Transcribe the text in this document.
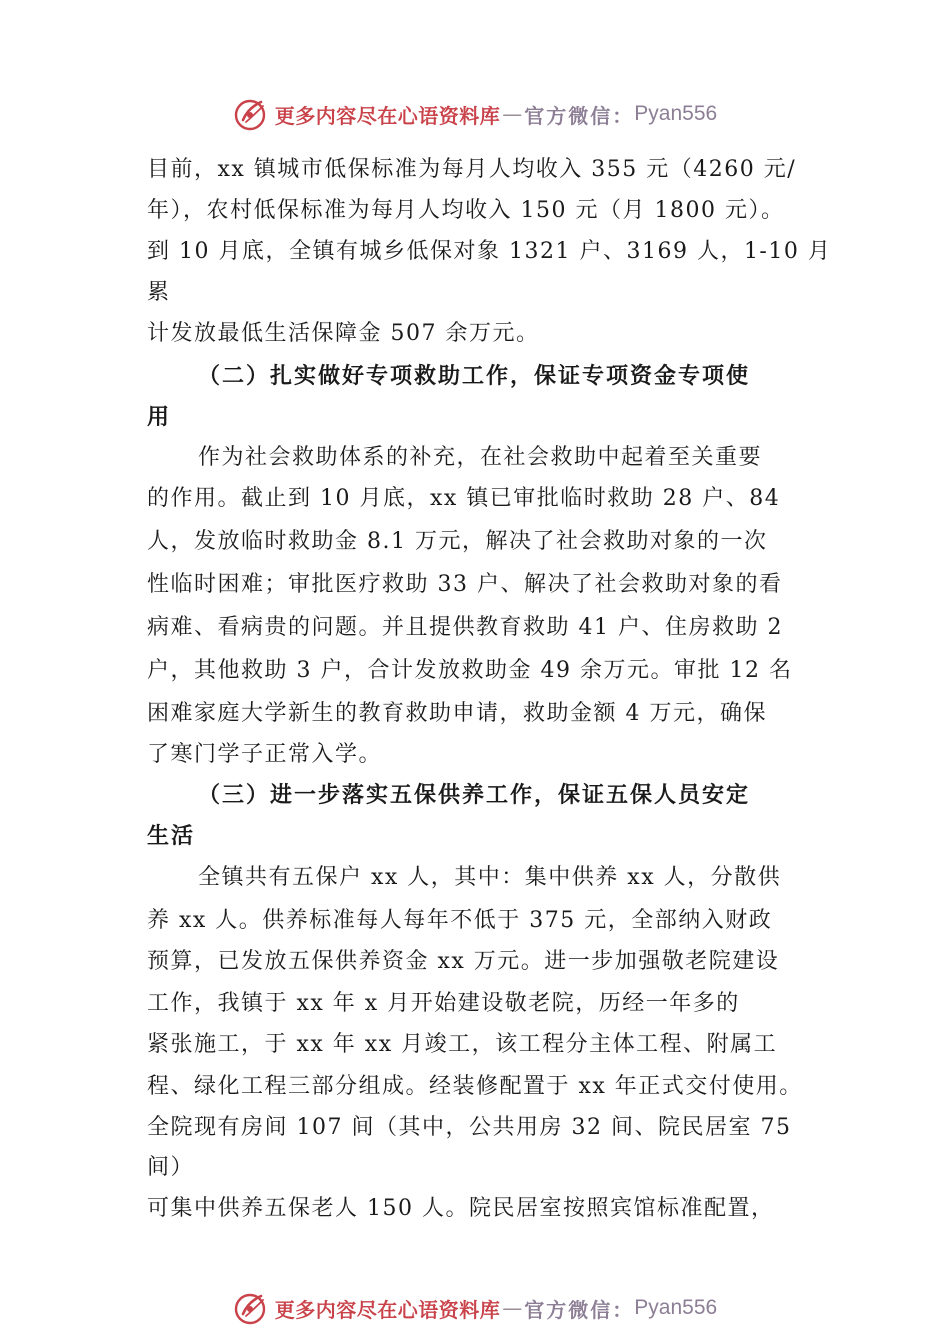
更多内容尽在心语资料库 — 官方微信： Pyan556
目前，xx 镇城市低保标准为每月人均收入 355 元（4260 元/
年），农村低保标准为每月人均收入 150 元（月 1800 元）。
到 10 月底，全镇有城乡低保对象 1321 户、3169 人，1-10 月
累
计发放最低生活保障金 507 余万元。
（二）扎实做好专项救助工作，保证专项资金专项使
用
作为社会救助体系的补充，在社会救助中起着至关重要
的作用。截止到 10 月底，xx 镇已审批临时救助 28 户、84
人，发放临时救助金 8.1 万元，解决了社会救助对象的一次
性临时困难；审批医疗救助 33 户、解决了社会救助对象的看
病难、看病贵的问题。并且提供教育救助 41 户、住房救助 2
户，其他救助 3 户，合计发放救助金 49 余万元。审批 12 名
困难家庭大学新生的教育救助申请，救助金额 4 万元，确保
了寒门学子正常入学。
（三）进一步落实五保供养工作，保证五保人员安定
生活
全镇共有五保户 xx 人，其中：集中供养 xx 人，分散供
养 xx 人。供养标准每人每年不低于 375 元，全部纳入财政
预算，已发放五保供养资金 xx 万元。进一步加强敬老院建设
工作，我镇于 xx 年 x 月开始建设敬老院，历经一年多的
紧张施工，于 xx 年 xx 月竣工，该工程分主体工程、附属工
程、绿化工程三部分组成。经装修配置于 xx 年正式交付使用。
全院现有房间 107 间（其中，公共用房 32 间、院民居室 75
间）
可集中供养五保老人 150 人。院民居室按照宾馆标准配置，
更多内容尽在心语资料库 — 官方微信： Pyan556
